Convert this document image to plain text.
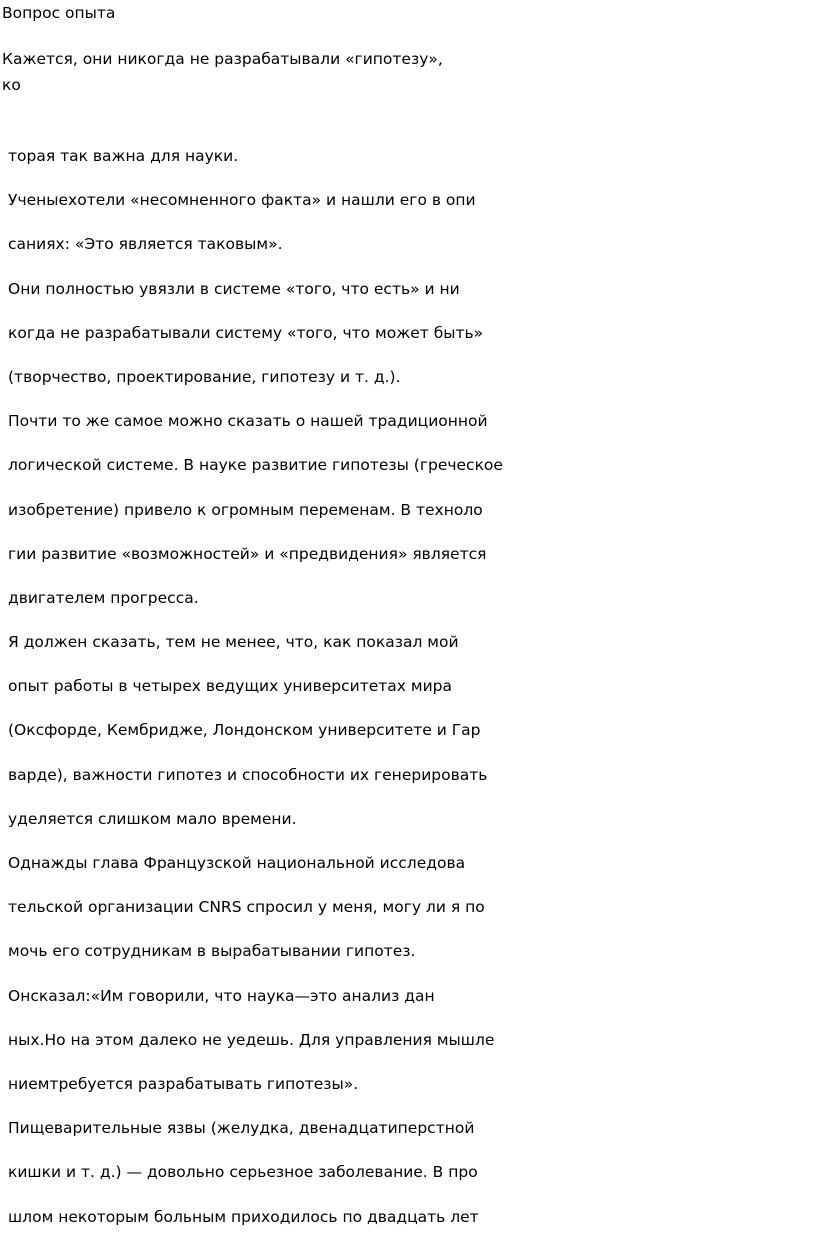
Вопрос опыта
Кажется, они никогда не разрабатывали «гипотезу»,
ко
торая так важна для науки.
Ученыехотели «несомненного факта» и нашли его в опи
саниях: «Это является таковым».
Они полностью увязли в системе «того, что есть» и ни
когда не разрабатывали систему «того, что может быть»
(творчество, проектирование, гипотезу и т. д.).
Почти то же самое можно сказать о нашей традиционной
логической системе. В науке развитие гипотезы (греческое
изобретение) привело к огромным переменам. В техноло
гии развитие «возможностей» и «предвидения» является
двигателем прогресса.
Я должен сказать, тем не менее, что, как показал мой
опыт работы в четырех ведущих университетах мира
(Оксфорде, Кембридже, Лондонском университете и Гар
варде), важности гипотез и способности их генерировать
уделяется слишком мало времени.
Однажды глава Французской национальной исследова
тельской организации CNRS спросил у меня, могу ли я по
мочь его сотрудникам в вырабатывании гипотез.
Онсказал:«Им говорили, что наука—это анализ дан
ных.Но на этом далеко не уедешь. Для управления мышле
ниемтребуется разрабатывать гипотезы».
Пищеварительные язвы (желудка, двенадцатиперстной
кишки и т. д.) — довольно серьезное заболевание. В про
шлом некоторым больным приходилось по двадцать лет
